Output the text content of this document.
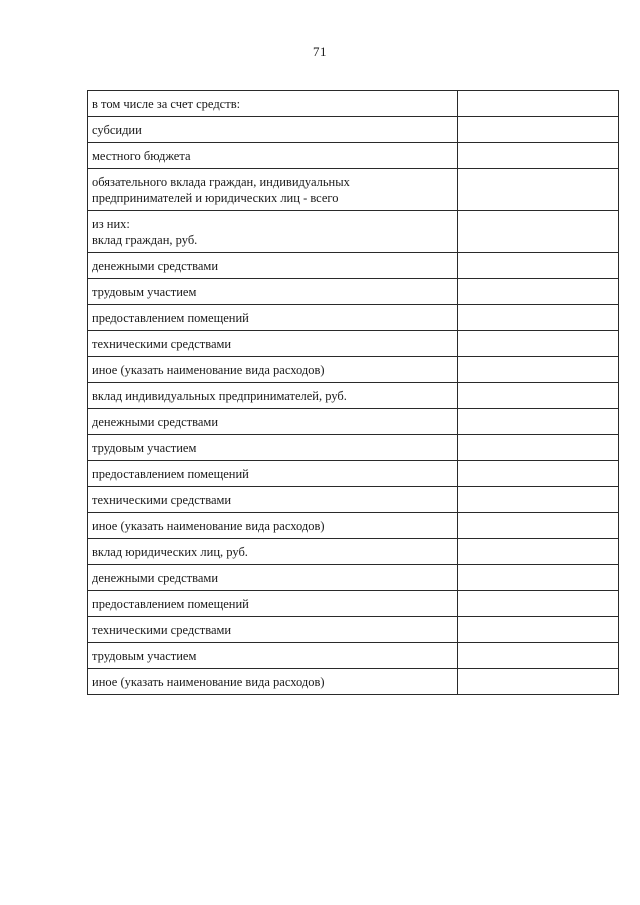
71
в том числе за счет средств:	

субсидии	

местного бюджета	

обязательного вклада граждан, индивидуальных
предпринимателей и юридических лиц - всего	

из них:
вклад граждан, руб.	

денежными средствами	

трудовым участием	

предоставлением помещений	

техническими средствами	

иное (указать наименование вида расходов)	

вклад индивидуальных предпринимателей, руб.	

денежными средствами	

трудовым участием	

предоставлением помещений	

техническими средствами	

иное (указать наименование вида расходов)	

вклад юридических лиц, руб.	

денежными средствами	

предоставлением помещений	

техническими средствами	

трудовым участием	

иное (указать наименование вида расходов)	
